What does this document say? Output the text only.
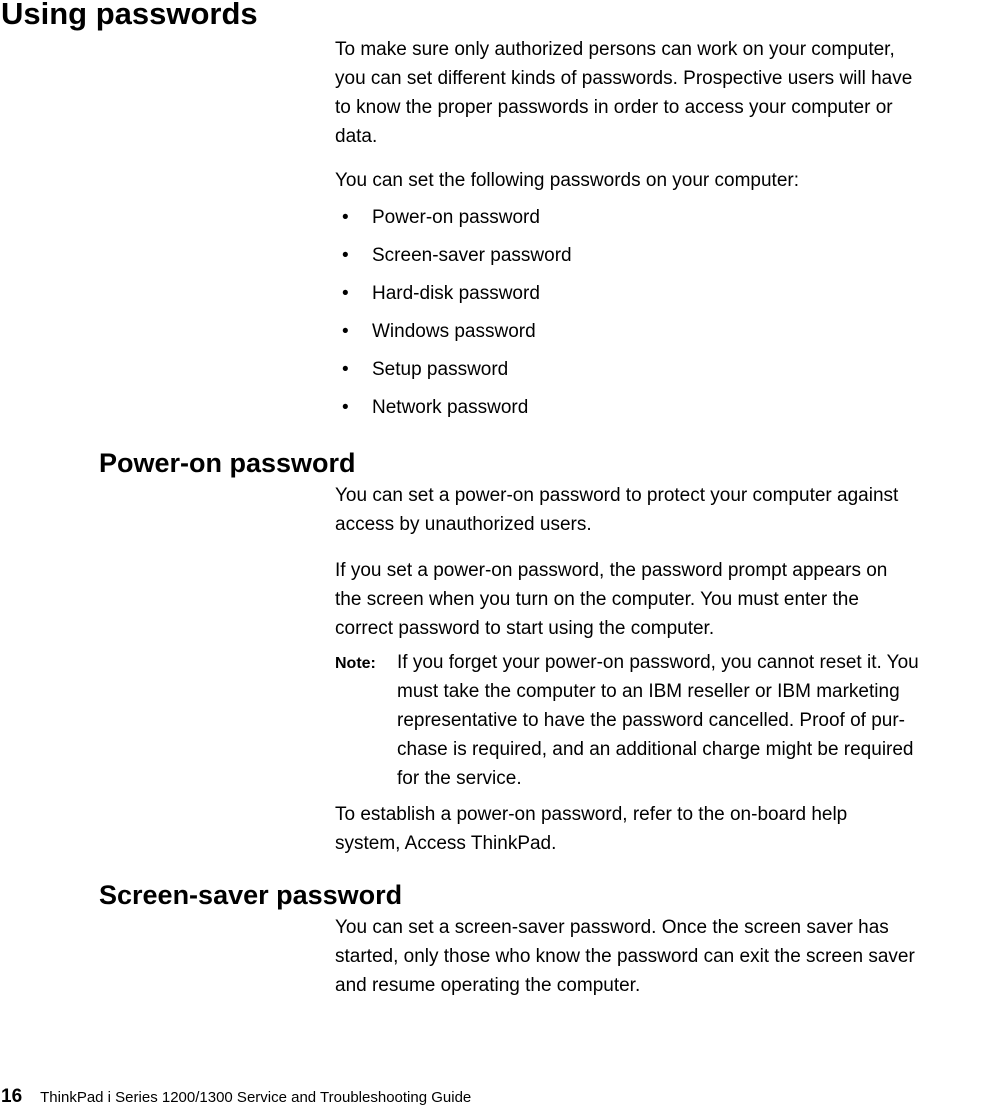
Using passwords

To make sure only authorized persons can work on your computer,
you can set different kinds of passwords. Prospective users will have
to know the proper passwords in order to access your computer or
data.

You can set the following passwords on your computer:

• Power-on password
• Screen-saver password
• Hard-disk password
• Windows password
• Setup password
• Network password
Power-on password

You can set a power-on password to protect your computer against
access by unauthorized users.

If you set a power-on password, the password prompt appears on
the screen when you turn on the computer. You must enter the
correct password to start using the computer.

Note: If you forget your power-on password, you cannot reset it. You
must take the computer to an IBM reseller or IBM marketing
representative to have the password cancelled. Proof of pur-
chase is required, and an additional charge might be required
for the service.

To establish a power-on password, refer to the on-board help
system, Access ThinkPad.

Screen-saver password

You can set a screen-saver password. Once the screen saver has
started, only those who know the password can exit the screen saver
and resume operating the computer.

16 ThinkPad i Series 1200/1300 Service and Troubleshooting Guide
